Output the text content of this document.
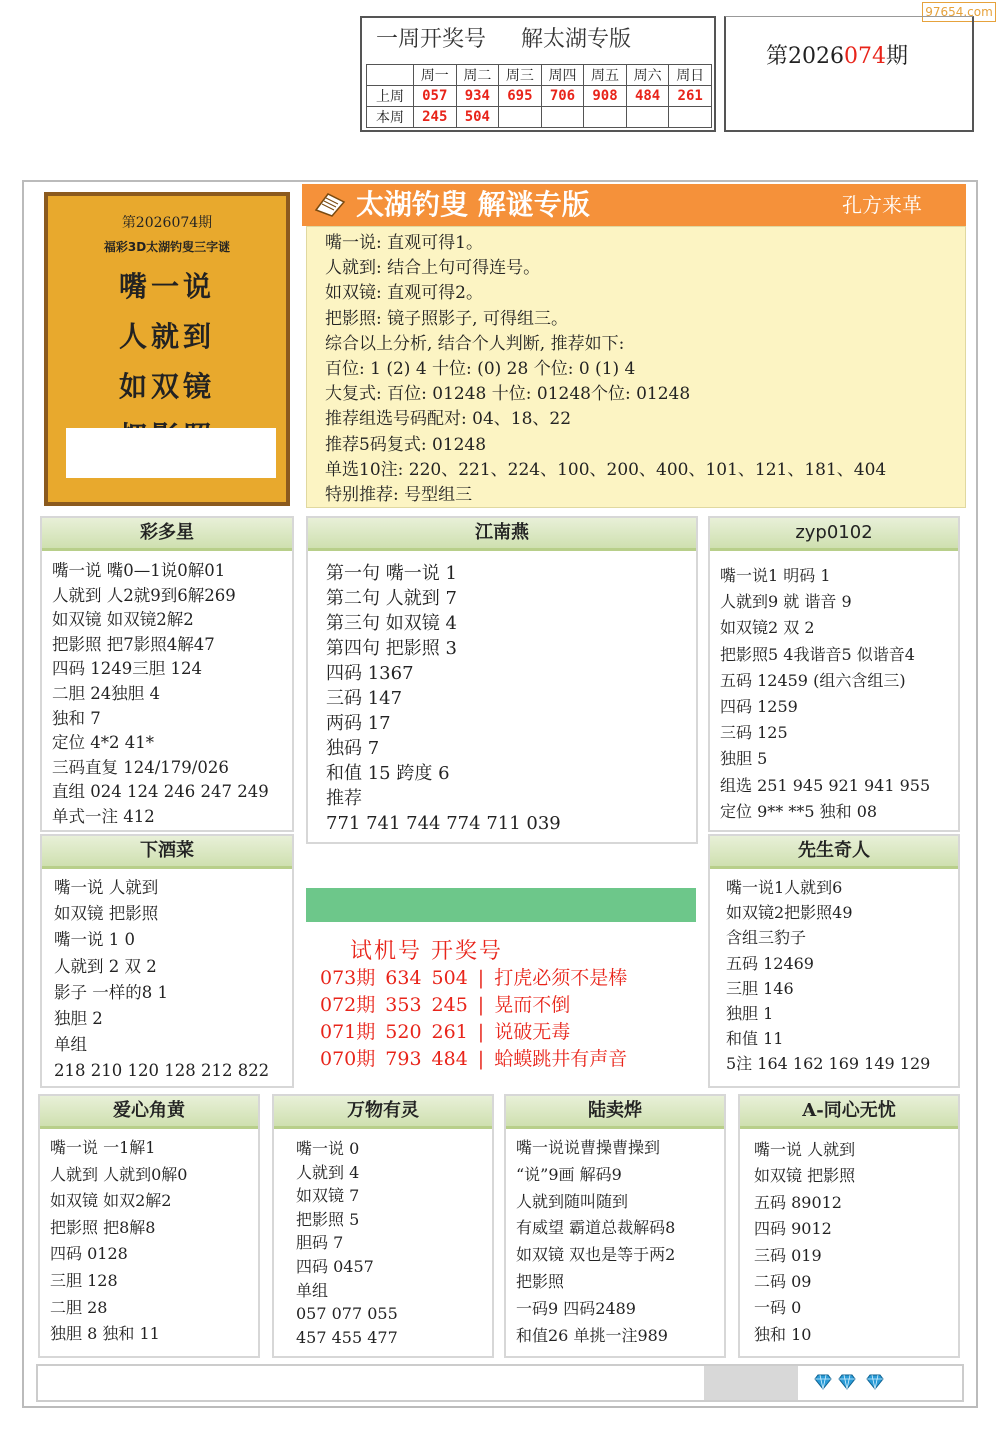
97654.com
一周开奖号 解太湖专版
	周一	周二	周三	周四	周五	周六	周日
上周	057	934	695	706	908	484	261
本周	245	504					
第2026074期
第2026074期
福彩3D太湖钓叟三字谜
嘴一说
人就到
如双镜
太湖钓叟 解谜专版	孔方来革
嘴一说: 直观可得1。
人就到: 结合上句可得连号。
如双镜: 直观可得2。
把影照: 镜子照影子, 可得组三。
综合以上分析, 结合个人判断, 推荐如下:
百位: 1 (2) 4 十位: (0) 28 个位: 0 (1) 4
大复式: 百位: 01248 十位: 01248个位: 01248
推荐组选号码配对: 04、18、22
推荐5码复式: 01248
单选10注: 220、221、224、100、200、400、101、121、181、404
特别推荐: 号型组三
彩多星
嘴一说 嘴0—1说0解01
人就到 人2就9到6解269
如双镜 如双镜2解2
把影照 把7影照4解47
四码 1249三胆 124
二胆 24独胆 4
独和 7
定位 4*2 41*
三码直复 124/179/026
直组 024 124 246 247 249
单式一注 412
江南燕
第一句 嘴一说 1
第二句 人就到 7
第三句 如双镜 4
第四句 把影照 3
四码 1367
三码 147
两码 17
独码 7
和值 15 跨度 6
推荐
771 741 744 774 711 039
zyp0102
嘴一说1 明码 1
人就到9 就 谐音 9
如双镜2 双 2
把影照5 4我谐音5 似谐音4
五码 12459 (组六含组三)
四码 1259
三码 125
独胆 5
组选 251 945 921 941 955
定位 9** **5 独和 08
下酒菜
嘴一说 人就到
如双镜 把影照
嘴一说 1 0
人就到 2 双 2
影子 一样的8 1
独胆 2
单组
218 210 120 128 212 822
先生奇人
嘴一说1人就到6
如双镜2把影照49
含组三豹子
五码 12469
三胆 146
独胆 1
和值 11
5注 164 162 169 149 129
试机号 开奖号
073期 634 504 | 打虎必须不是棒
072期 353 245 | 晃而不倒
071期 520 261 | 说破无毒
070期 793 484 | 蛤蟆跳井有声音
爱心角黄
嘴一说 一1解1
人就到 人就到0解0
如双镜 如双2解2
把影照 把8解8
四码 0128
三胆 128
二胆 28
独胆 8 独和 11
万物有灵
嘴一说 0
人就到 4
如双镜 7
把影照 5
胆码 7
四码 0457
单组
057 077 055
457 455 477
陆卖烨
嘴一说说曹操曹操到
“说”9画 解码9
人就到随叫随到
有威望 霸道总裁解码8
如双镜 双也是等于两2
把影照
一码9 四码2489
和值26 单挑一注989
A-同心无忧
嘴一说 人就到
如双镜 把影照
五码 89012
四码 9012
三码 019
二码 09
一码 0
独和 10
